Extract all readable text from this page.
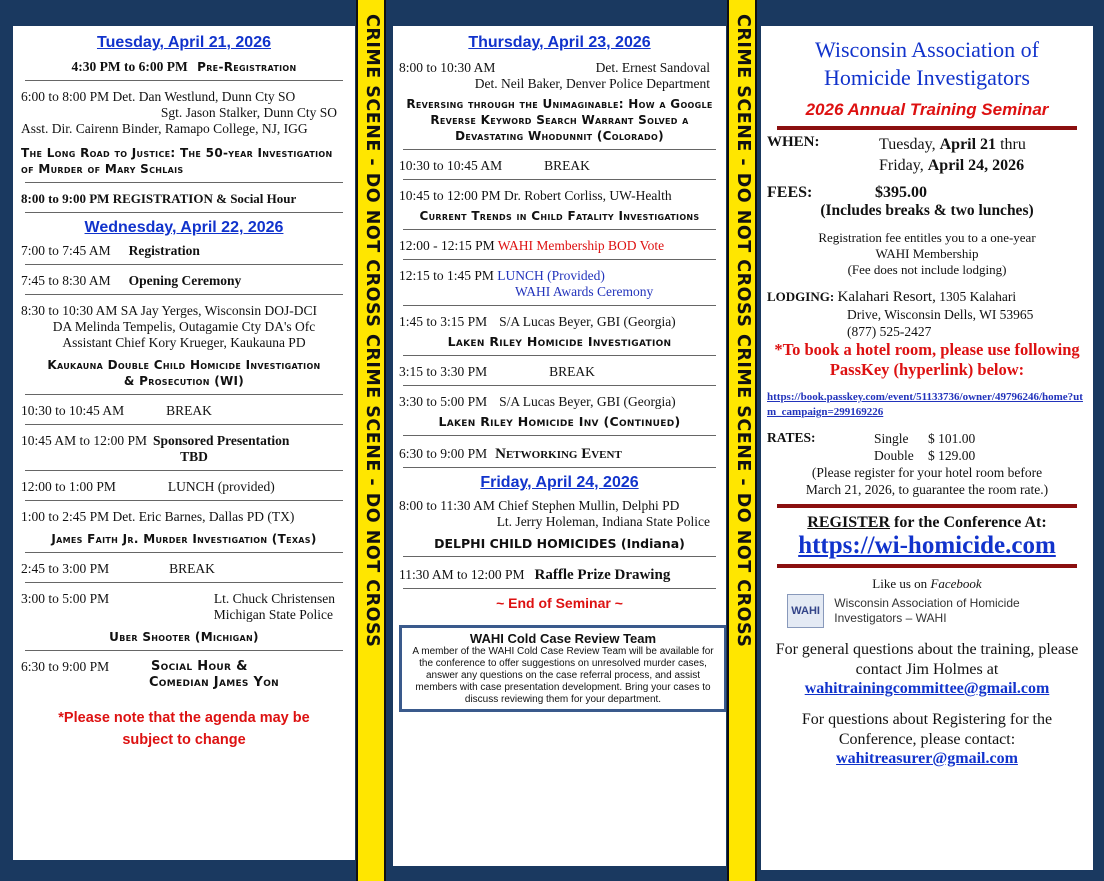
Tuesday, April 21, 2026
4:30 PM to 6:00 PM Pre-Registration
6:00 to 8:00 PM Det. Dan Westlund, Dunn Cty SO
Sgt. Jason Stalker, Dunn Cty SO
Asst. Dir. Cairenn Binder, Ramapo College, NJ, IGG
The Long Road to Justice: The 50-year Investigation of Murder of Mary Schlais
8:00 to 9:00 PM REGISTRATION & Social Hour
Wednesday, April 22, 2026
7:00 to 7:45 AM Registration
7:45 to 8:30 AM Opening Ceremony
8:30 to 10:30 AM SA Jay Yerges, Wisconsin DOJ-DCI
DA Melinda Tempelis, Outagamie Cty DA's Ofc
Assistant Chief Kory Krueger, Kaukauna PD
Kaukauna Double Child Homicide Investigation & Prosecution (WI)
10:30 to 10:45 AM	BREAK
10:45 AM to 12:00 PM Sponsored Presentation
TBD
12:00 to 1:00 PM	LUNCH (provided)
1:00 to 2:45 PM Det. Eric Barnes, Dallas PD (TX)
James Faith Jr. Murder Investigation (Texas)
2:45 to 3:00 PM	BREAK
3:00 to 5:00 PM	Lt. Chuck Christensen
Michigan State Police
Uber Shooter (Michigan)
6:30 to 9:00 PM	Social Hour &
Comedian James Yon
*Please note that the agenda may be subject to change
CRIME SCENE - DO NOT CROSS CRIME SCENE - DO NOT CROSS	Thursday, April 23, 2026
8:00 to 10:30 AM	Det. Ernest Sandoval
Det. Neil Baker, Denver Police Department
Reversing through the Unimaginable: How a Google Reverse Keyword Search Warrant Solved a Devastating Whodunnit (Colorado)
10:30 to 10:45 AM	BREAK
10:45 to 12:00 PM Dr. Robert Corliss, UW-Health
Current Trends in Child Fatality Investigations
12:00 - 12:15 PM WAHI Membership BOD Vote
12:15 to 1:45 PM LUNCH (Provided)
WAHI Awards Ceremony
1:45 to 3:15 PM S/A Lucas Beyer, GBI (Georgia)
Laken Riley Homicide Investigation
3:15 to 3:30 PM	BREAK
3:30 to 5:00 PM S/A Lucas Beyer, GBI (Georgia)
Laken Riley Homicide Inv (Continued)
6:30 to 9:00 PM Networking Event
Friday, April 24, 2026
8:00 to 11:30 AM Chief Stephen Mullin, Delphi PD
Lt. Jerry Holeman, Indiana State Police
DELPHI CHILD HOMICIDES (Indiana)
11:30 AM to 12:00 PM Raffle Prize Drawing
~ End of Seminar ~
WAHI Cold Case Review Team
A member of the WAHI Cold Case Review Team will be available for the conference to offer suggestions on unresolved murder cases, answer any questions on the case referral process, and assist members with case presentation development. Bring your cases to discuss reviewing them for your department.
CRIME SCENE - DO NOT CROSS CRIME SCENE - DO NOT CROSS	Wisconsin Association of
Homicide Investigators
2026 Annual Training Seminar
WHEN:	Tuesday, April 21 thru
Friday, April 24, 2026
FEES:	$395.00
(Includes breaks & two lunches)
Registration fee entitles you to a one-year
WAHI Membership
(Fee does not include lodging)
LODGING: Kalahari Resort, 1305 Kalahari
Drive, Wisconsin Dells, WI 53965
(877) 525-2427
*To book a hotel room, please use following PassKey (hyperlink) below:
https://book.passkey.com/event/51133736/owner/49796246/home?utm_campaign=299169226
RATES:	Single $ 101.00
Double $ 129.00
(Please register for your hotel room before
March 21, 2026, to guarantee the room rate.)
REGISTER for the Conference At:
https://wi-homicide.com
Like us on Facebook
WAHI
Wisconsin Association of Homicide Investigators – WAHI
For general questions about the training, please contact Jim Holmes at
wahitrainingcommittee@gmail.com
For questions about Registering for the Conference, please contact:
wahitreasurer@gmail.com
